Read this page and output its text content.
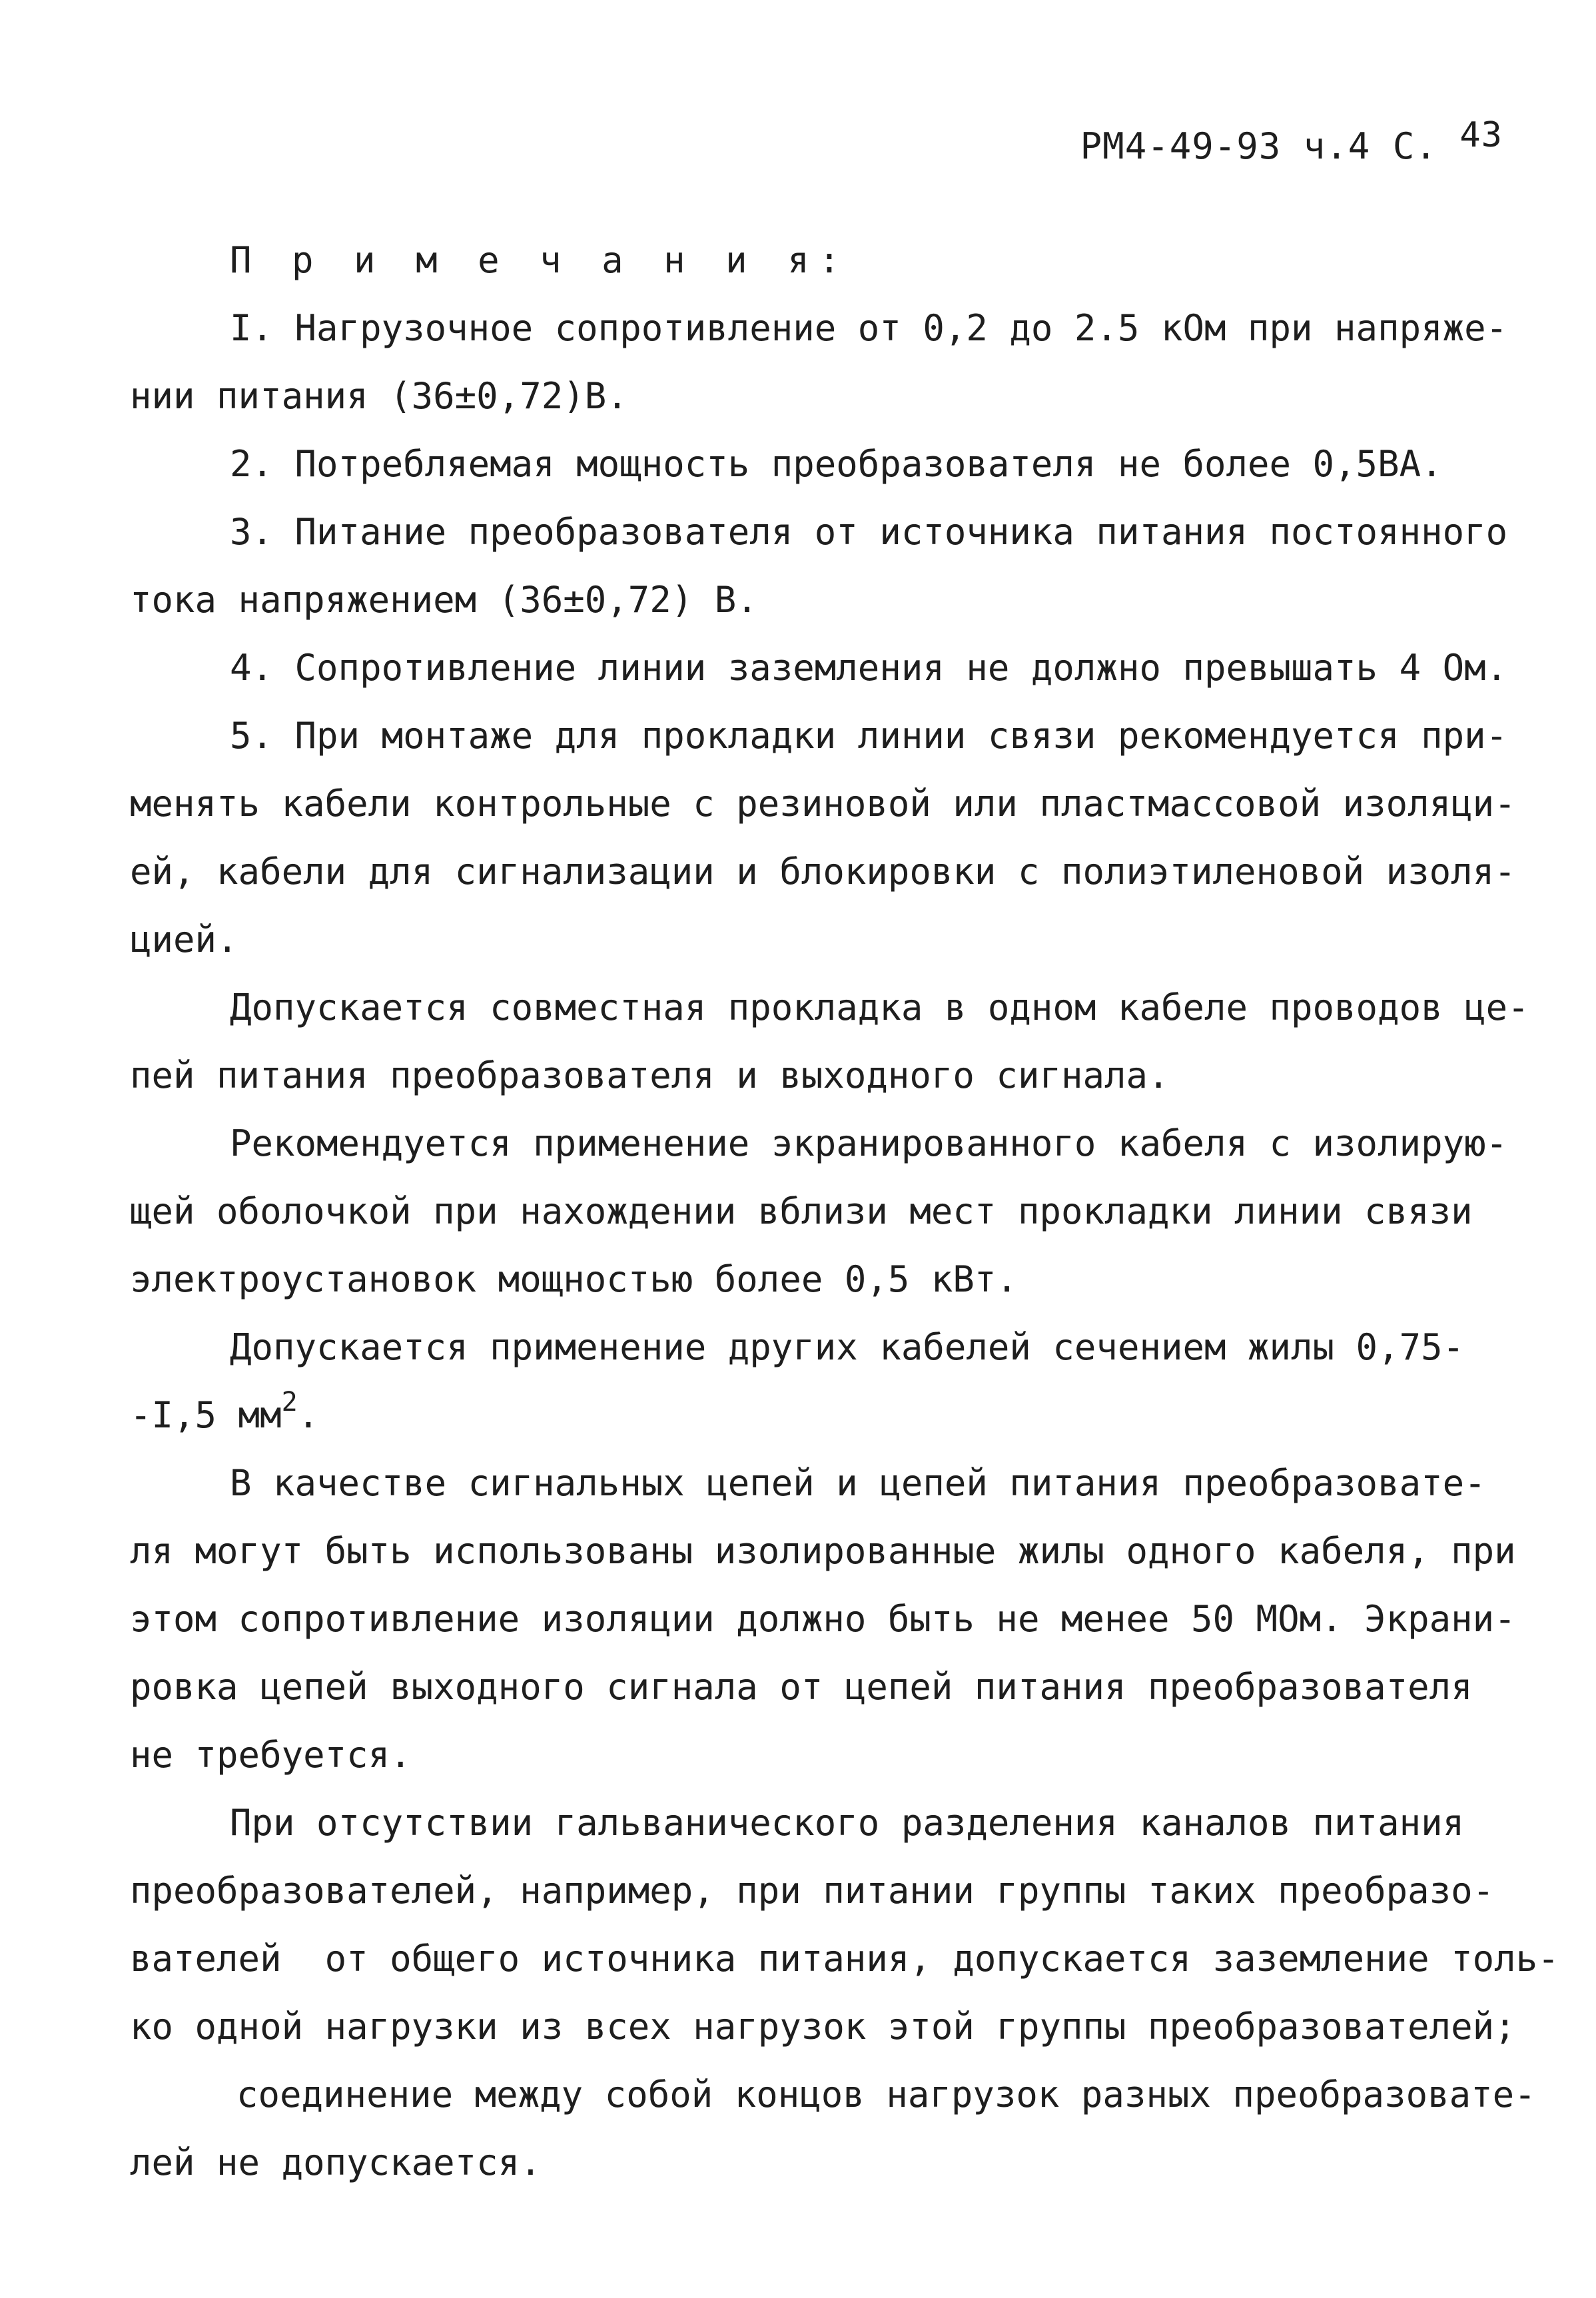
РМ4-49-93 ч.4 С. 43
П р и м е ч а н и я:
I. Нагрузочное сопротивление от 0,2 до 2.5 кОм при напряже-
нии питания (36±0,72)В.
2. Потребляемая мощность преобразователя не более 0,5ВА.
3. Питание преобразователя от источника питания постоянного
тока напряжением (36±0,72) В.
4. Сопротивление линии заземления не должно превышать 4 Ом.
5. При монтаже для прокладки линии связи рекомендуется при-
менять кабели контрольные с резиновой или пластмассовой изоляци-
ей, кабели для сигнализации и блокировки с полиэтиленовой изоля-
цией.
Допускается совместная прокладка в одном кабеле проводов це-
пей питания преобразователя и выходного сигнала.
Рекомендуется применение экранированного кабеля с изолирую-
щей оболочкой при нахождении вблизи мест прокладки линии связи
электроустановок мощностью более 0,5 кВт.
Допускается применение других кабелей сечением жилы 0,75-
-I,5 $мм^2$.
В качестве сигнальных цепей и цепей питания преобразовате-
ля могут быть использованы изолированные жилы одного кабеля, при
этом сопротивление изоляции должно быть не менее 50 МОм. Экрани-
ровка цепей выходного сигнала от цепей питания преобразователя
не требуется.
При отсутствии гальванического разделения каналов питания
преобразователей, например, при питании группы таких преобразо-
вателей  от общего источника питания, допускается заземление толь-
ко одной нагрузки из всех нагрузок этой группы преобразователей;
соединение между собой концов нагрузок разных преобразовате-
лей не допускается.
